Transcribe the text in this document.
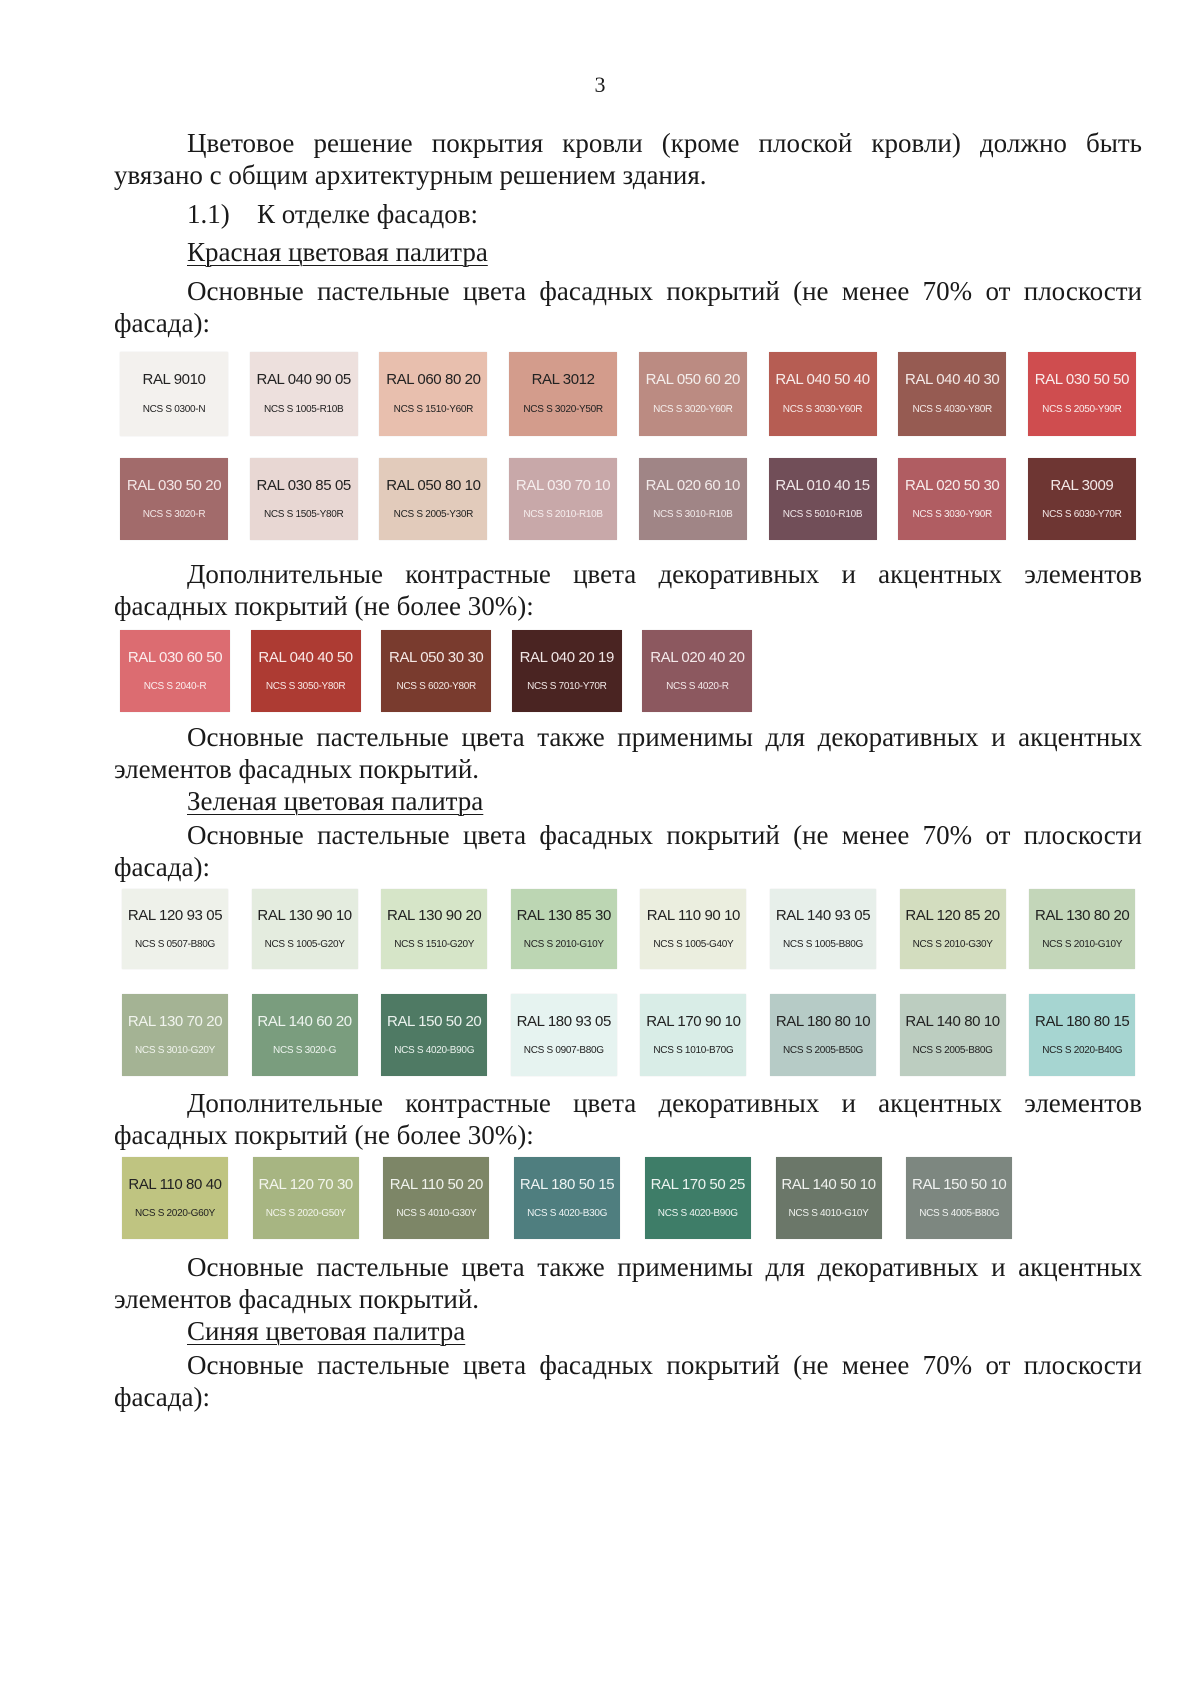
3
Цветовое решение покрытия кровли (кроме плоской кровли) должно быть
увязано с общим архитектурным решением здания.
1.1) К отделке фасадов:
Красная цветовая палитра
Основные пастельные цвета фасадных покрытий (не менее 70% от плоскости
фасада):
RAL 9010
NCS S 0300-N
RAL 040 90 05
NCS S 1005-R10B
RAL 060 80 20
NCS S 1510-Y60R
RAL 3012
NCS S 3020-Y50R
RAL 050 60 20
NCS S 3020-Y60R
RAL 040 50 40
NCS S 3030-Y60R
RAL 040 40 30
NCS S 4030-Y80R
RAL 030 50 50
NCS S 2050-Y90R
RAL 030 50 20
NCS S 3020-R
RAL 030 85 05
NCS S 1505-Y80R
RAL 050 80 10
NCS S 2005-Y30R
RAL 030 70 10
NCS S 2010-R10B
RAL 020 60 10
NCS S 3010-R10B
RAL 010 40 15
NCS S 5010-R10B
RAL 020 50 30
NCS S 3030-Y90R
RAL 3009
NCS S 6030-Y70R
Дополнительные контрастные цвета декоративных и акцентных элементов
фасадных покрытий (не более 30%):
RAL 030 60 50
NCS S 2040-R
RAL 040 40 50
NCS S 3050-Y80R
RAL 050 30 30
NCS S 6020-Y80R
RAL 040 20 19
NCS S 7010-Y70R
RAL 020 40 20
NCS S 4020-R
Основные пастельные цвета также применимы для декоративных и акцентных
элементов фасадных покрытий.
Зеленая цветовая палитра
Основные пастельные цвета фасадных покрытий (не менее 70% от плоскости
фасада):
RAL 120 93 05
NCS S 0507-B80G
RAL 130 90 10
NCS S 1005-G20Y
RAL 130 90 20
NCS S 1510-G20Y
RAL 130 85 30
NCS S 2010-G10Y
RAL 110 90 10
NCS S 1005-G40Y
RAL 140 93 05
NCS S 1005-B80G
RAL 120 85 20
NCS S 2010-G30Y
RAL 130 80 20
NCS S 2010-G10Y
RAL 130 70 20
NCS S 3010-G20Y
RAL 140 60 20
NCS S 3020-G
RAL 150 50 20
NCS S 4020-B90G
RAL 180 93 05
NCS S 0907-B80G
RAL 170 90 10
NCS S 1010-B70G
RAL 180 80 10
NCS S 2005-B50G
RAL 140 80 10
NCS S 2005-B80G
RAL 180 80 15
NCS S 2020-B40G
Дополнительные контрастные цвета декоративных и акцентных элементов
фасадных покрытий (не более 30%):
RAL 110 80 40
NCS S 2020-G60Y
RAL 120 70 30
NCS S 2020-G50Y
RAL 110 50 20
NCS S 4010-G30Y
RAL 180 50 15
NCS S 4020-B30G
RAL 170 50 25
NCS S 4020-B90G
RAL 140 50 10
NCS S 4010-G10Y
RAL 150 50 10
NCS S 4005-B80G
Основные пастельные цвета также применимы для декоративных и акцентных
элементов фасадных покрытий.
Синяя цветовая палитра
Основные пастельные цвета фасадных покрытий (не менее 70% от плоскости
фасада):
